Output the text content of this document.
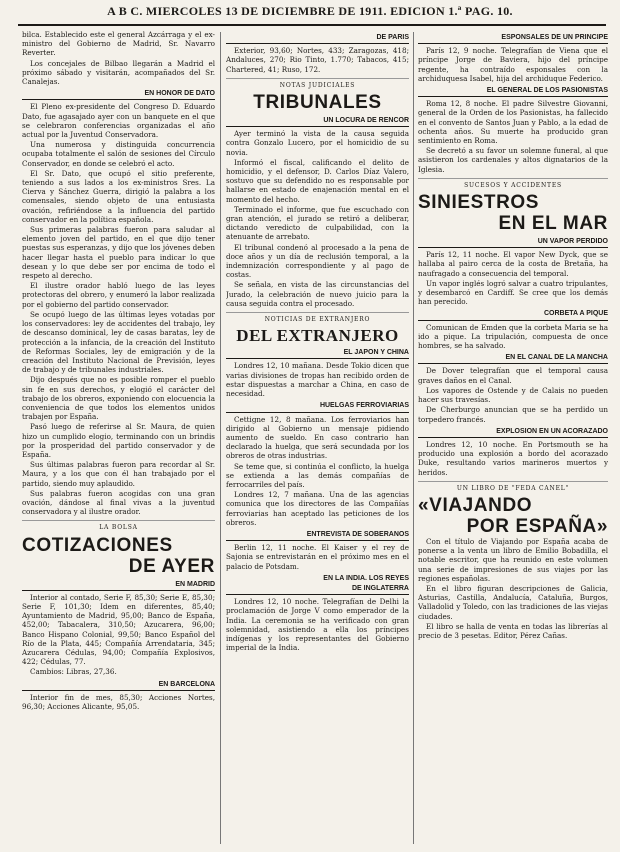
A B C. MIERCOLES 13 DE DICIEMBRE DE 1911. EDICION 1.ª PAG. 10.

bilca. Establecido este el general Azcárraga y el ex-ministro del Gobierno de Madrid, Sr. Navarro Reverter.

Los concejales de Bilbao llegarán a Madrid el próximo sábado y visitarán, acompañados del Sr. Canalejas.

EN HONOR DE DATO

El Pleno ex-presidente del Congreso D. Eduardo Dato, fue agasajado ayer con un banquete en el que se celebraron conferencias organizadas el año actual por la Juventud Conservadora.

Una numerosa y distinguida concurrencia ocupaba totalmente el salón de sesiones del Círculo Conservador, en donde se celebró el acto.

El Sr. Dato, que ocupó el sitio preferente, teniendo a sus lados a los ex-ministros Sres. La Cierva y Sánchez Guerra, dirigió la palabra a los comensales, siendo objeto de una entusiasta ovación, refiriéndose a la influencia del partido conservador en la política española.

Sus primeras palabras fueron para saludar al elemento joven del partido, en el que dijo tener puestas sus esperanzas, y dijo que los jóvenes deben hacer llegar hasta el pueblo para indicar lo que desean y lo que debe ser por encima de todo el respeto al derecho.

El ilustre orador habló luego de las leyes protectoras del obrero, y enumeró la labor realizada por el gobierno del partido conservador.

Se ocupó luego de las últimas leyes votadas por los conservadores: ley de accidentes del trabajo, ley de descanso dominical, ley de casas baratas, ley de protección a la infancia, de la creación del Instituto de Reformas Sociales, ley de emigración y de la creación del Instituto Nacional de Previsión, leyes de trabajo y de tribunales industriales.

Dijo después que no es posible romper el pueblo sin fe en sus derechos, y elogió el carácter del trabajo de los obreros, exponiendo con elocuencia la conveniencia de que todos los elementos unidos trabajen por España.

Pasó luego de referirse al Sr. Maura, de quien hizo un cumplido elogio, terminando con un brindis por la prosperidad del partido conservador y de España.

Sus últimas palabras fueron para recordar al Sr. Maura, y a los que con él han trabajado por el partido, siendo muy aplaudido.

Sus palabras fueron acogidas con una gran ovación, dándose al final vivas a la juventud conservadora y al ilustre orador.

LA BOLSA
COTIZACIONES
DE AYER
EN MADRID

Interior al contado, Serie F, 85,30; Serie E, 85,30; Serie F, 101,30; Idem en diferentes, 85,40; Ayuntamiento de Madrid, 95,00; Banco de España, 452,00; Tabacalera, 310,50; Azucarera, 96,00; Banco Hispano Colonial, 99,50; Banco Español del Río de la Plata, 445; Compañía Arrendataria, 345; Azucarera Cédulas, 94,00; Compañía Explosivos, 422; Cédulas, 77.

Cambios: Libras, 27,36.

EN BARCELONA

Interior fin de mes, 85,30; Acciones Nortes, 96,30; Acciones Alicante, 95,05.

DE PARIS

Exterior, 93,60; Nortes, 433; Zaragozas, 418; Andaluces, 270; Rio Tinto, 1.770; Tabacos, 415; Chartered, 41; Ruso, 172.

NOTAS JUDICIALES
TRIBUNALES
UN LOCURA DE RENCOR

Ayer terminó la vista de la causa seguida contra Gonzalo Lucero, por el homicidio de su novia.

Informó el fiscal, calificando el delito de homicidio, y el defensor, D. Carlos Díaz Valero, sostuvo que su defendido no es responsable por hallarse en estado de enajenación mental en el momento del hecho.

Terminado el informe, que fue escuchado con gran atención, el jurado se retiró a deliberar, dictando veredicto de culpabilidad, con la atenuante de arrebato.

El tribunal condenó al procesado a la pena de doce años y un día de reclusión temporal, a la indemnización correspondiente y al pago de costas.

Se señala, en vista de las circunstancias del Jurado, la celebración de nuevo juicio para la causa seguida contra el procesado.

NOTICIAS DE EXTRANJERO
DEL EXTRANJERO
EL JAPON Y CHINA

Londres 12, 10 mañana. Desde Tokio dicen que varias divisiones de tropas han recibido orden de estar dispuestas a marchar a China, en caso de necesidad.

HUELGAS FERROVIARIAS

Cettigne 12, 8 mañana. Los ferroviarios han dirigido al Gobierno un mensaje pidiendo aumento de sueldo. En caso contrario han declarado la huelga, que será secundada por los obreros de otras industrias.

Se teme que, si continúa el conflicto, la huelga se extienda a las demás compañías de ferrocarriles del país.

Londres 12, 7 mañana. Una de las agencias comunica que los directores de las Compañías ferroviarias han aceptado las peticiones de los obreros.

ENTREVISTA DE SOBERANOS

Berlin 12, 11 noche. El Kaiser y el rey de Sajonia se entrevistarán en el próximo mes en el palacio de Potsdam.

EN LA INDIA. LOS REYES
DE INGLATERRA

Londres 12, 10 noche. Telegrafían de Delhi la proclamación de Jorge V como emperador de la India. La ceremonia se ha verificado con gran solemnidad, asistiendo a ella los príncipes indígenas y los representantes del Gobierno imperial de la India.

ESPONSALES DE UN PRINCIPE

París 12, 9 noche. Telegrafían de Viena que el príncipe Jorge de Baviera, hijo del príncipe regente, ha contraído esponsales con la archiduquesa Isabel, hija del archiduque Federico.

EL GENERAL DE LOS PASIONISTAS

Roma 12, 8 noche. El padre Silvestre Giovanni, general de la Orden de los Pasionistas, ha fallecido en el convento de Santos Juan y Pablo, a la edad de ochenta años. Su muerte ha producido gran sentimiento en Roma.

Se decretó a su favor un solemne funeral, al que asistieron los cardenales y altos dignatarios de la Iglesia.

SUCESOS Y ACCIDENTES
SINIESTROS
EN EL MAR
UN VAPOR PERDIDO

París 12, 11 noche. El vapor New Dyck, que se hallaba al pairo cerca de la costa de Bretaña, ha naufragado a consecuencia del temporal.

Un vapor inglés logró salvar a cuatro tripulantes, y desembarcó en Cardiff. Se cree que los demás han perecido.

CORBETA A PIQUE

Comunican de Emden que la corbeta Maria se ha ido a pique. La tripulación, compuesta de once hombres, se ha salvado.

EN EL CANAL DE LA MANCHA

De Dover telegrafían que el temporal causa graves daños en el Canal.

Los vapores de Ostende y de Calais no pueden hacer sus travesías.

De Cherburgo anuncian que se ha perdido un torpedero francés.

EXPLOSION EN UN ACORAZADO

Londres 12, 10 noche. En Portsmouth se ha producido una explosión a bordo del acorazado Duke, resultando varios marineros muertos y heridos.

UN LIBRO DE "FEDA CANEL"
«VIAJANDO
POR ESPAÑA»

Con el título de Viajando por España acaba de ponerse a la venta un libro de Emilio Bobadilla, el notable escritor, que ha reunido en este volumen una serie de impresiones de sus viajes por las regiones españolas.

En el libro figuran descripciones de Galicia, Asturias, Castilla, Andalucía, Cataluña, Burgos, Valladolid y Toledo, con las tradiciones de las viejas ciudades.

El libro se halla de venta en todas las librerías al precio de 3 pesetas. Editor, Pérez Cañas.
